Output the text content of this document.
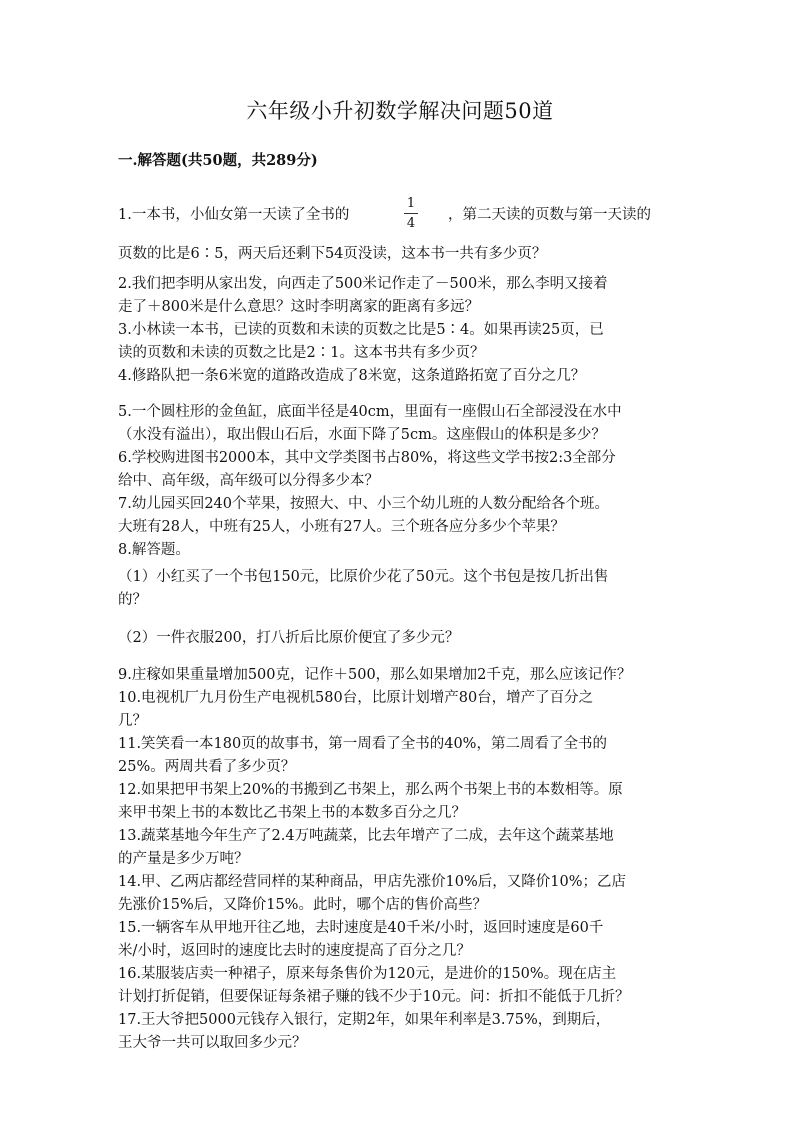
六年级小升初数学解决问题50道
一.解答题(共50题，共289分)
1.一本书，小仙女第一天读了全书的	，第二天读的页数与第一天读的
1
4
页数的比是6∶5，两天后还剩下54页没读，这本书一共有多少页？

2.我们把李明从家出发，向西走了500米记作走了－500米，那么李明又接着

走了＋800米是什么意思？这时李明离家的距离有多远？

3.小林读一本书，已读的页数和未读的页数之比是5∶4。如果再读25页，已

读的页数和未读的页数之比是2∶1。这本书共有多少页？

4.修路队把一条6米宽的道路改造成了8米宽，这条道路拓宽了百分之几？

5.一个圆柱形的金鱼缸，底面半径是40cm，里面有一座假山石全部浸没在水中

（水没有溢出），取出假山石后，水面下降了5cm。这座假山的体积是多少？

6.学校购进图书2000本，其中文学类图书占80%，将这些文学书按2:3全部分

给中、高年级，高年级可以分得多少本？

7.幼儿园买回240个苹果，按照大、中、小三个幼儿班的人数分配给各个班。

大班有28人，中班有25人，小班有27人。三个班各应分多少个苹果？

8.解答题。

（1）小红买了一个书包150元，比原价少花了50元。这个书包是按几折出售

的？

（2）一件衣服200，打八折后比原价便宜了多少元？

9.庄稼如果重量增加500克，记作＋500，那么如果增加2千克，那么应该记作？

10.电视机厂九月份生产电视机580台，比原计划增产80台，增产了百分之

几？

11.笑笑看一本180页的故事书，第一周看了全书的40%，第二周看了全书的

25%。两周共看了多少页？

12.如果把甲书架上20%的书搬到乙书架上，那么两个书架上书的本数相等。原

来甲书架上书的本数比乙书架上书的本数多百分之几？

13.蔬菜基地今年生产了2.4万吨蔬菜，比去年增产了二成，去年这个蔬菜基地

的产量是多少万吨？

14.甲、乙两店都经营同样的某种商品，甲店先涨价10%后，又降价10%；乙店

先涨价15%后，又降价15%。此时，哪个店的售价高些？

15.一辆客车从甲地开往乙地，去时速度是40千米/小时，返回时速度是60千

米/小时，返回时的速度比去时的速度提高了百分之几？

16.某服装店卖一种裙子，原来每条售价为120元，是进价的150%。现在店主

计划打折促销，但要保证每条裙子赚的钱不少于10元。问：折扣不能低于几折？

17.王大爷把5000元钱存入银行，定期2年，如果年利率是3.75%，到期后，

王大爷一共可以取回多少元？
